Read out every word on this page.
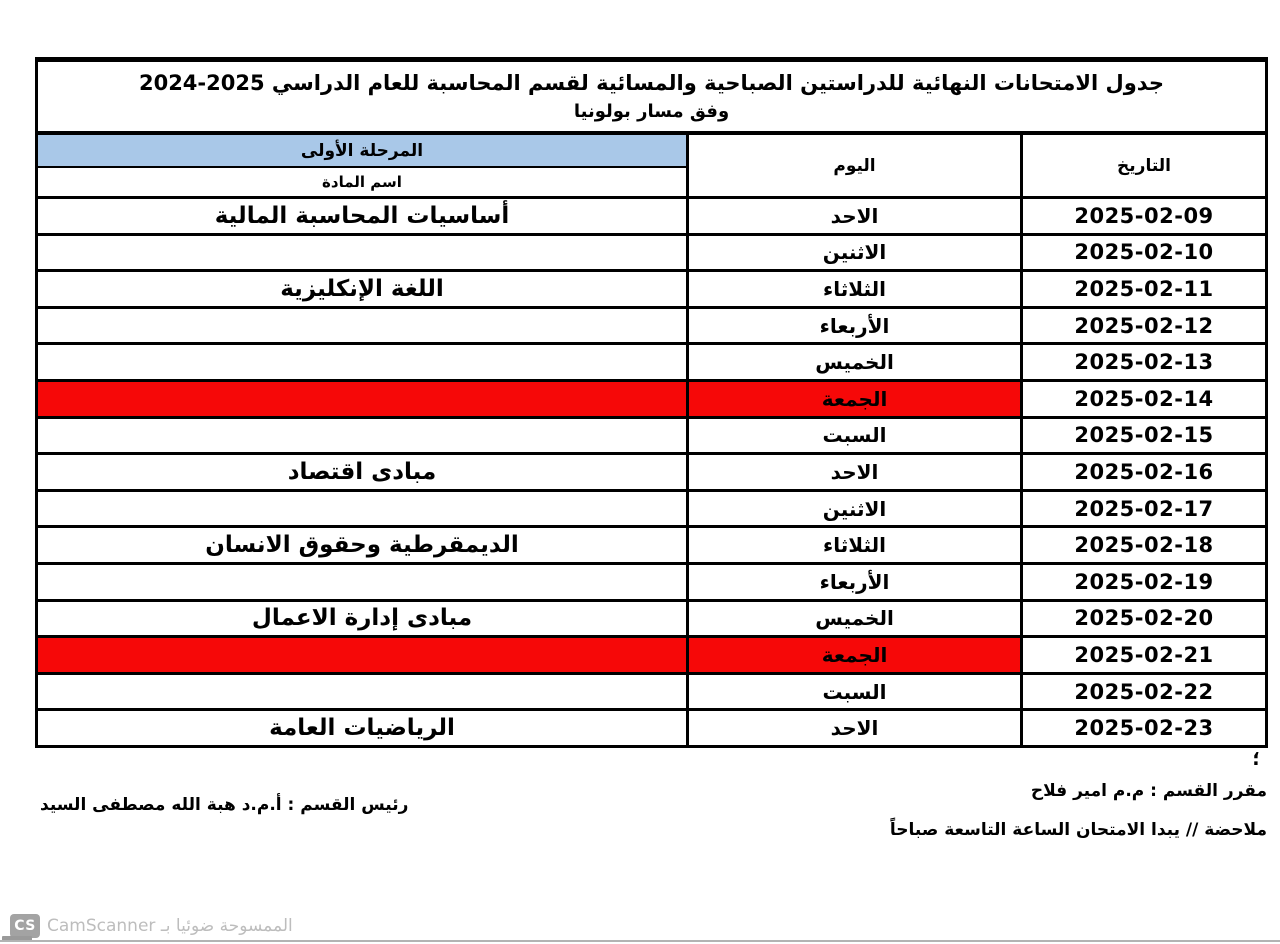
جدول الامتحانات النهائية للدراستين الصباحية والمسائية لقسم المحاسبة للعام الدراسي 2025-2024
وفق مسار بولونيا
المرحلة الأولى
اسم المادة
اليوم	التاريخ
أساسيات المحاسبة المالية	الاحد	2025-02-09
الاثنين	2025-02-10
اللغة الإنكليزية	الثلاثاء	2025-02-11
الأربعاء	2025-02-12
الخميس	2025-02-13
الجمعة	2025-02-14
السبت	2025-02-15
مبادى اقتصاد	الاحد	2025-02-16
الاثنين	2025-02-17
الديمقرطية وحقوق الانسان	الثلاثاء	2025-02-18
الأربعاء	2025-02-19
مبادى إدارة الاعمال	الخميس	2025-02-20
الجمعة	2025-02-21
السبت	2025-02-22
الرياضيات العامة	الاحد	2025-02-23
؛
مقرر القسم : م.م امير فلاح
ملاحضة // يبدا الامتحان الساعة التاسعة صباحاً
رئيس القسم : أ.م.د هبة الله مصطفى السيد
CS	الممسوحة ضوئيا بـ CamScanner
